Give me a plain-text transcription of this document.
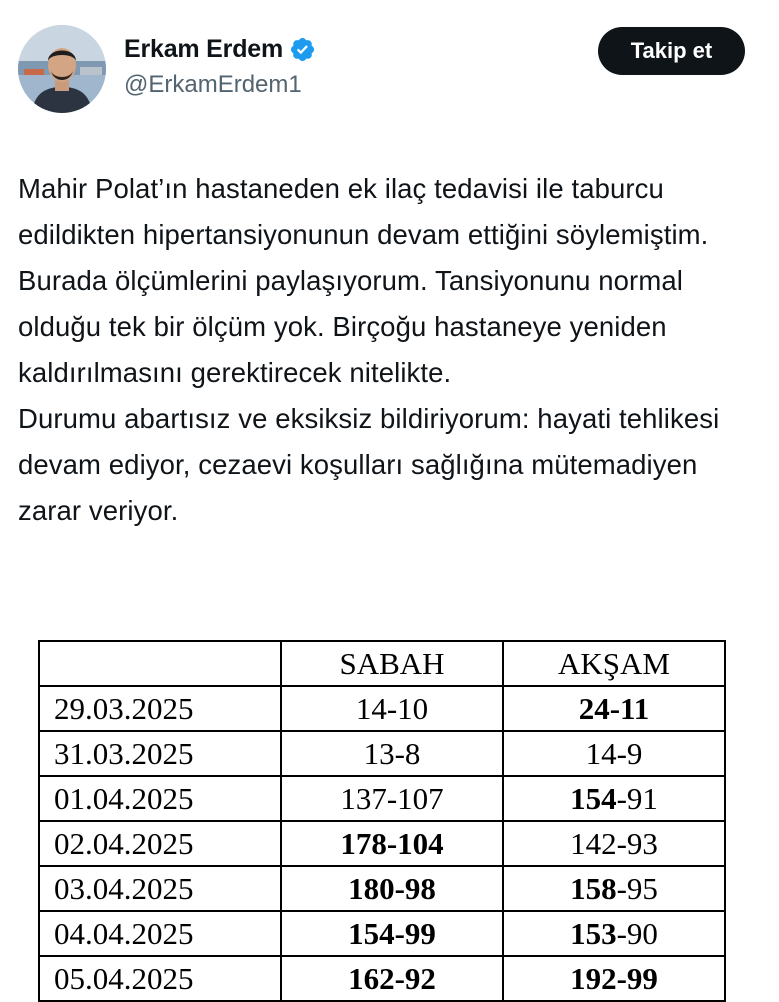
Erkam Erdem
@ErkamErdem1
Takip et

Mahir Polat’ın hastaneden ek ilaç tedavisi ile taburcu edildikten hipertansiyonunun devam ettiğini söylemiştim. Burada ölçümlerini paylaşıyorum. Tansiyonunu normal olduğu tek bir ölçüm yok. Birçoğu hastaneye yeniden kaldırılmasını gerektirecek nitelikte.

Durumu abartısız ve eksiksiz bildiriyorum: hayati tehlikesi devam ediyor, cezaevi koşulları sağlığına mütemadiyen zarar veriyor.

	SABAH	AKŞAM
29.03.2025	14-10	24-11
31.03.2025	13-8	14-9
01.04.2025	137-107	154-91
02.04.2025	178-104	142-93
03.04.2025	180-98	158-95
04.04.2025	154-99	153-90
05.04.2025	162-92	192-99
